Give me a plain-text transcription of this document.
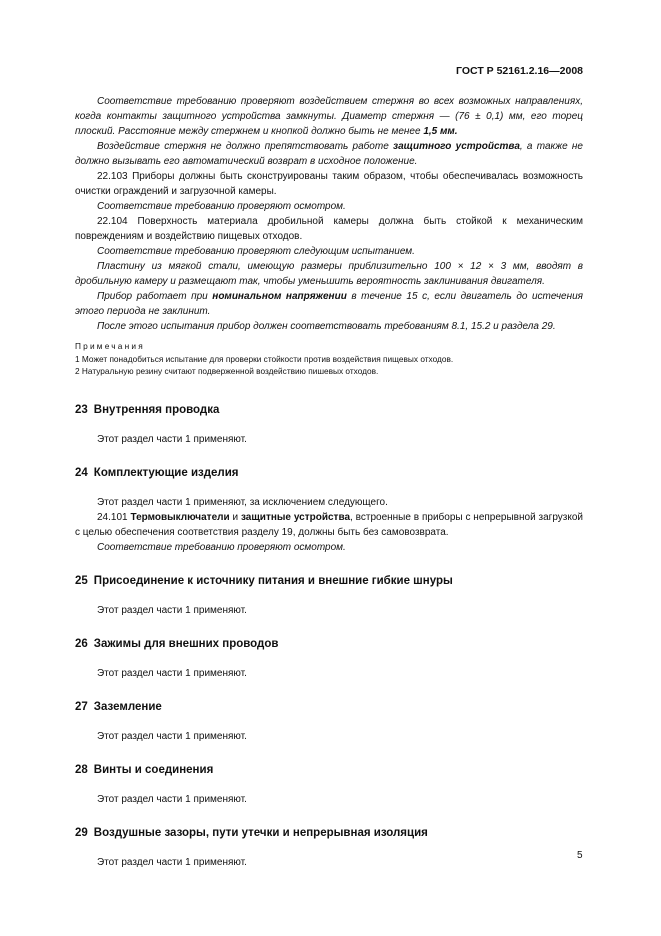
ГОСТ Р 52161.2.16—2008

Соответствие требованию проверяют воздействием стержня во всех возможных направлениях, когда контакты защитного устройства замкнуты. Диаметр стержня — (76 ± 0,1) мм, его торец плоский. Расстояние между стержнем и кнопкой должно быть не менее 1,5 мм.

Воздействие стержня не должно препятствовать работе защитного устройства, а также не должно вызывать его автоматический возврат в исходное положение.

22.103 Приборы должны быть сконструированы таким образом, чтобы обеспечивалась возможность очистки ограждений и загрузочной камеры.

Соответствие требованию проверяют осмотром.

22.104 Поверхность материала дробильной камеры должна быть стойкой к механическим повреждениям и воздействию пищевых отходов.

Соответствие требованию проверяют следующим испытанием.

Пластину из мягкой стали, имеющую размеры приблизительно 100 × 12 × 3 мм, вводят в дробильную камеру и размещают так, чтобы уменьшить вероятность заклинивания двигателя.

Прибор работает при номинальном напряжении в течение 15 с, если двигатель до истечения этого периода не заклинит.

После этого испытания прибор должен соответствовать требованиям 8.1, 15.2 и раздела 29.

Примечания

1 Может понадобиться испытание для проверки стойкости против воздействия пищевых отходов.

2 Натуральную резину считают подверженной воздействию пишевых отходов.

23 Внутренняя проводка

Этот раздел части 1 применяют.

24 Комплектующие изделия

Этот раздел части 1 применяют, за исключением следующего.

24.101 Термовыключатели и защитные устройства, встроенные в приборы с непрерывной загрузкой с целью обеспечения соответствия разделу 19, должны быть без самовозврата.

Соответствие требованию проверяют осмотром.

25 Присоединение к источнику питания и внешние гибкие шнуры

Этот раздел части 1 применяют.

26 Зажимы для внешних проводов

Этот раздел части 1 применяют.

27 Заземление

Этот раздел части 1 применяют.

28 Винты и соединения

Этот раздел части 1 применяют.

29 Воздушные зазоры, пути утечки и непрерывная изоляция

Этот раздел части 1 применяют.

5
